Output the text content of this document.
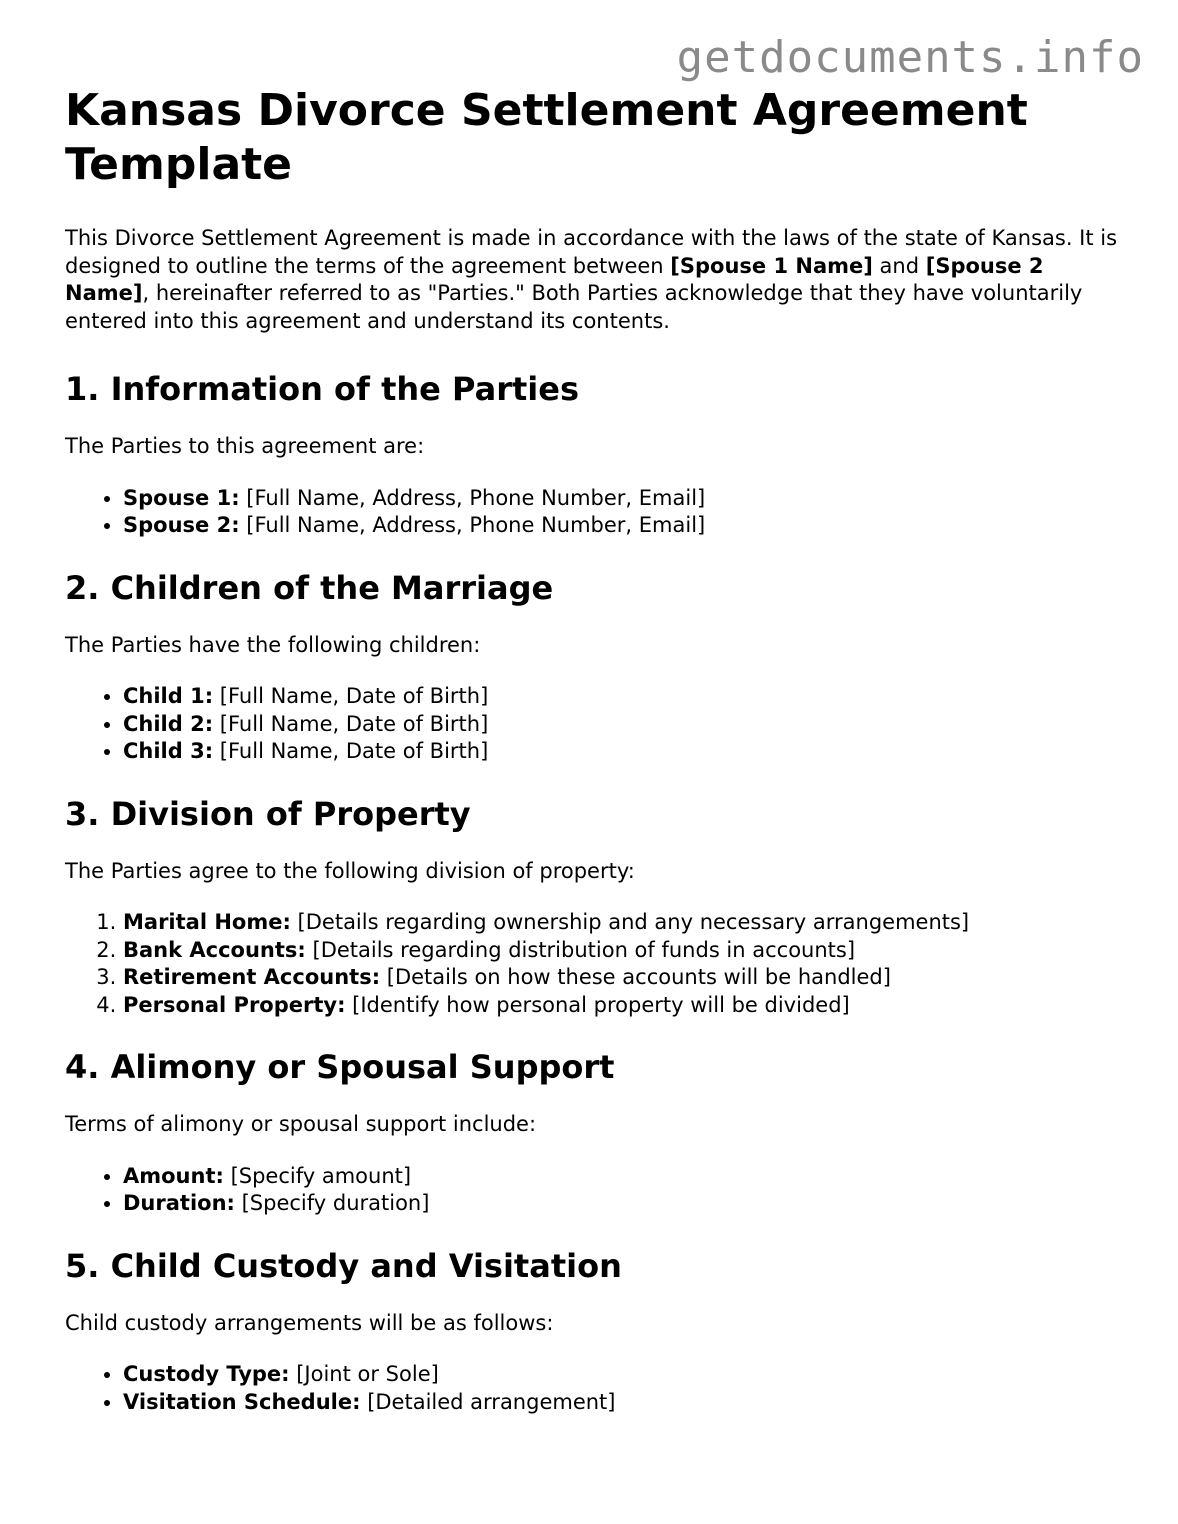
getdocuments.info
Kansas Divorce Settlement Agreement Template

This Divorce Settlement Agreement is made in accordance with the laws of the state of Kansas. It is designed to outline the terms of the agreement between [Spouse 1 Name] and [Spouse 2 Name], hereinafter referred to as "Parties." Both Parties acknowledge that they have voluntarily entered into this agreement and understand its contents.

1. Information of the Parties

The Parties to this agreement are:

• Spouse 1: [Full Name, Address, Phone Number, Email]
• Spouse 2: [Full Name, Address, Phone Number, Email]
2. Children of the Marriage

The Parties have the following children:

• Child 1: [Full Name, Date of Birth]
• Child 2: [Full Name, Date of Birth]
• Child 3: [Full Name, Date of Birth]
3. Division of Property

The Parties agree to the following division of property:

1. Marital Home: [Details regarding ownership and any necessary arrangements]
2. Bank Accounts: [Details regarding distribution of funds in accounts]
3. Retirement Accounts: [Details on how these accounts will be handled]
4. Personal Property: [Identify how personal property will be divided]
4. Alimony or Spousal Support

Terms of alimony or spousal support include:

• Amount: [Specify amount]
• Duration: [Specify duration]
5. Child Custody and Visitation

Child custody arrangements will be as follows:

• Custody Type: [Joint or Sole]
• Visitation Schedule: [Detailed arrangement]
